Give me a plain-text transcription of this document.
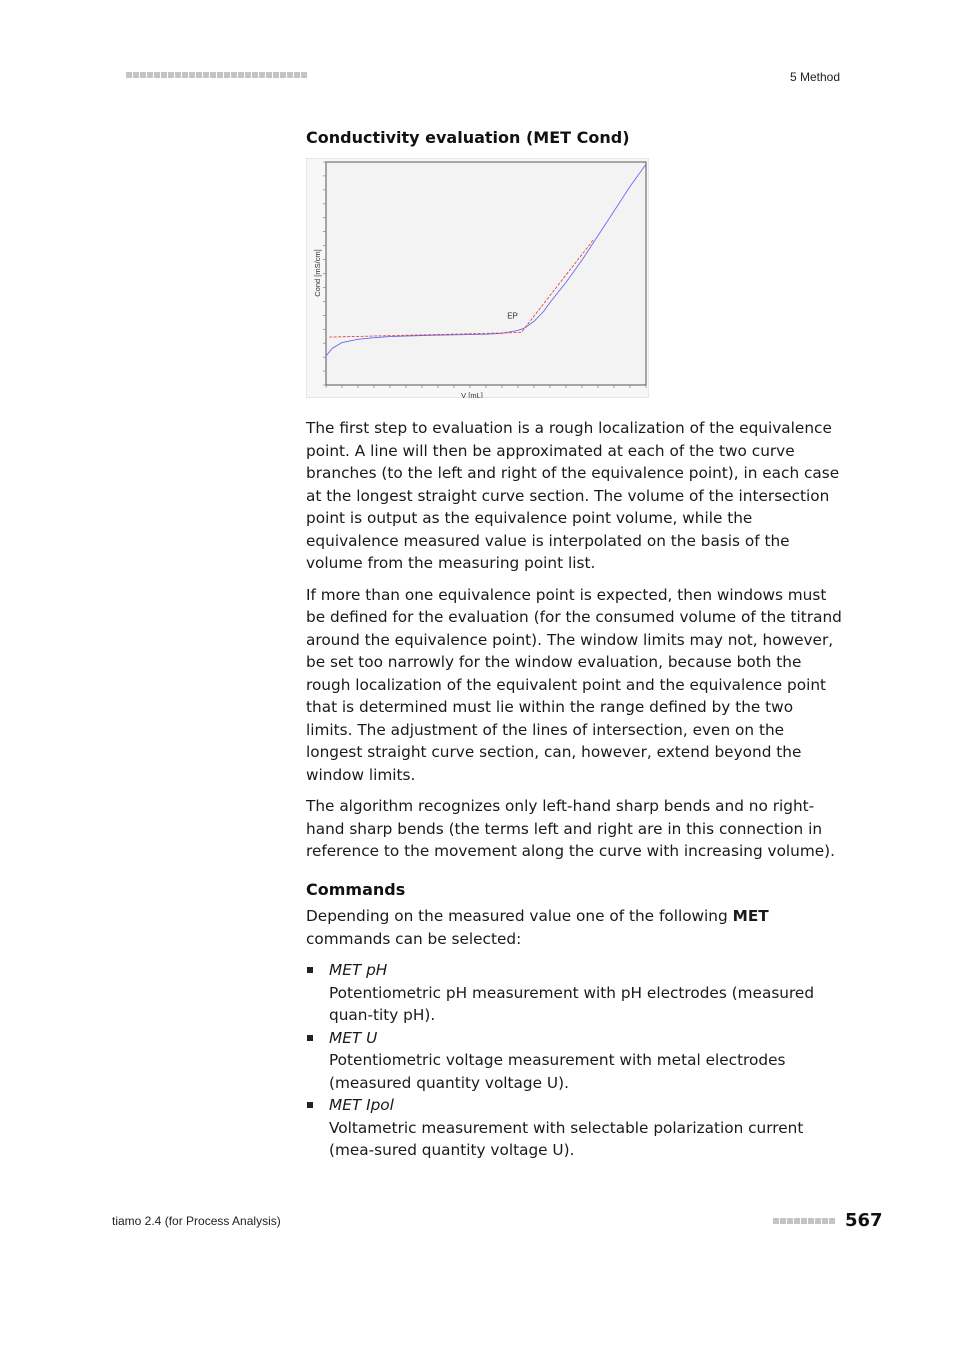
5 Method
Conductivity evaluation (MET Cond)
Cond [mS/cm]
V [mL]
EP

The first step to evaluation is a rough localization of the equivalence point. A line will then be approximated at each of the two curve branches (to the left and right of the equivalence point), in each case at the longest straight curve section. The volume of the intersection point is output as the equivalence point volume, while the equivalence measured value is interpolated on the basis of the volume from the measuring point list.

If more than one equivalence point is expected, then windows must be defined for the evaluation (for the consumed volume of the titrand around the equivalence point). The window limits may not, however, be set too narrowly for the window evaluation, because both the rough localization of the equivalent point and the equivalence point that is determined must lie within the range defined by the two limits. The adjustment of the lines of intersection, even on the longest straight curve section, can, however, extend beyond the window limits.

The algorithm recognizes only left-hand sharp bends and no right-hand sharp bends (the terms left and right are in this connection in reference to the movement along the curve with increasing volume).

Commands

Depending on the measured value one of the following MET commands can be selected:

MET pH
Potentiometric pH measurement with pH electrodes (measured quan-tity pH).
MET U
Potentiometric voltage measurement with metal electrodes (measured quantity voltage U).
MET Ipol
Voltametric measurement with selectable polarization current (mea-sured quantity voltage U).
tiamo 2.4 (for Process Analysis)	567
